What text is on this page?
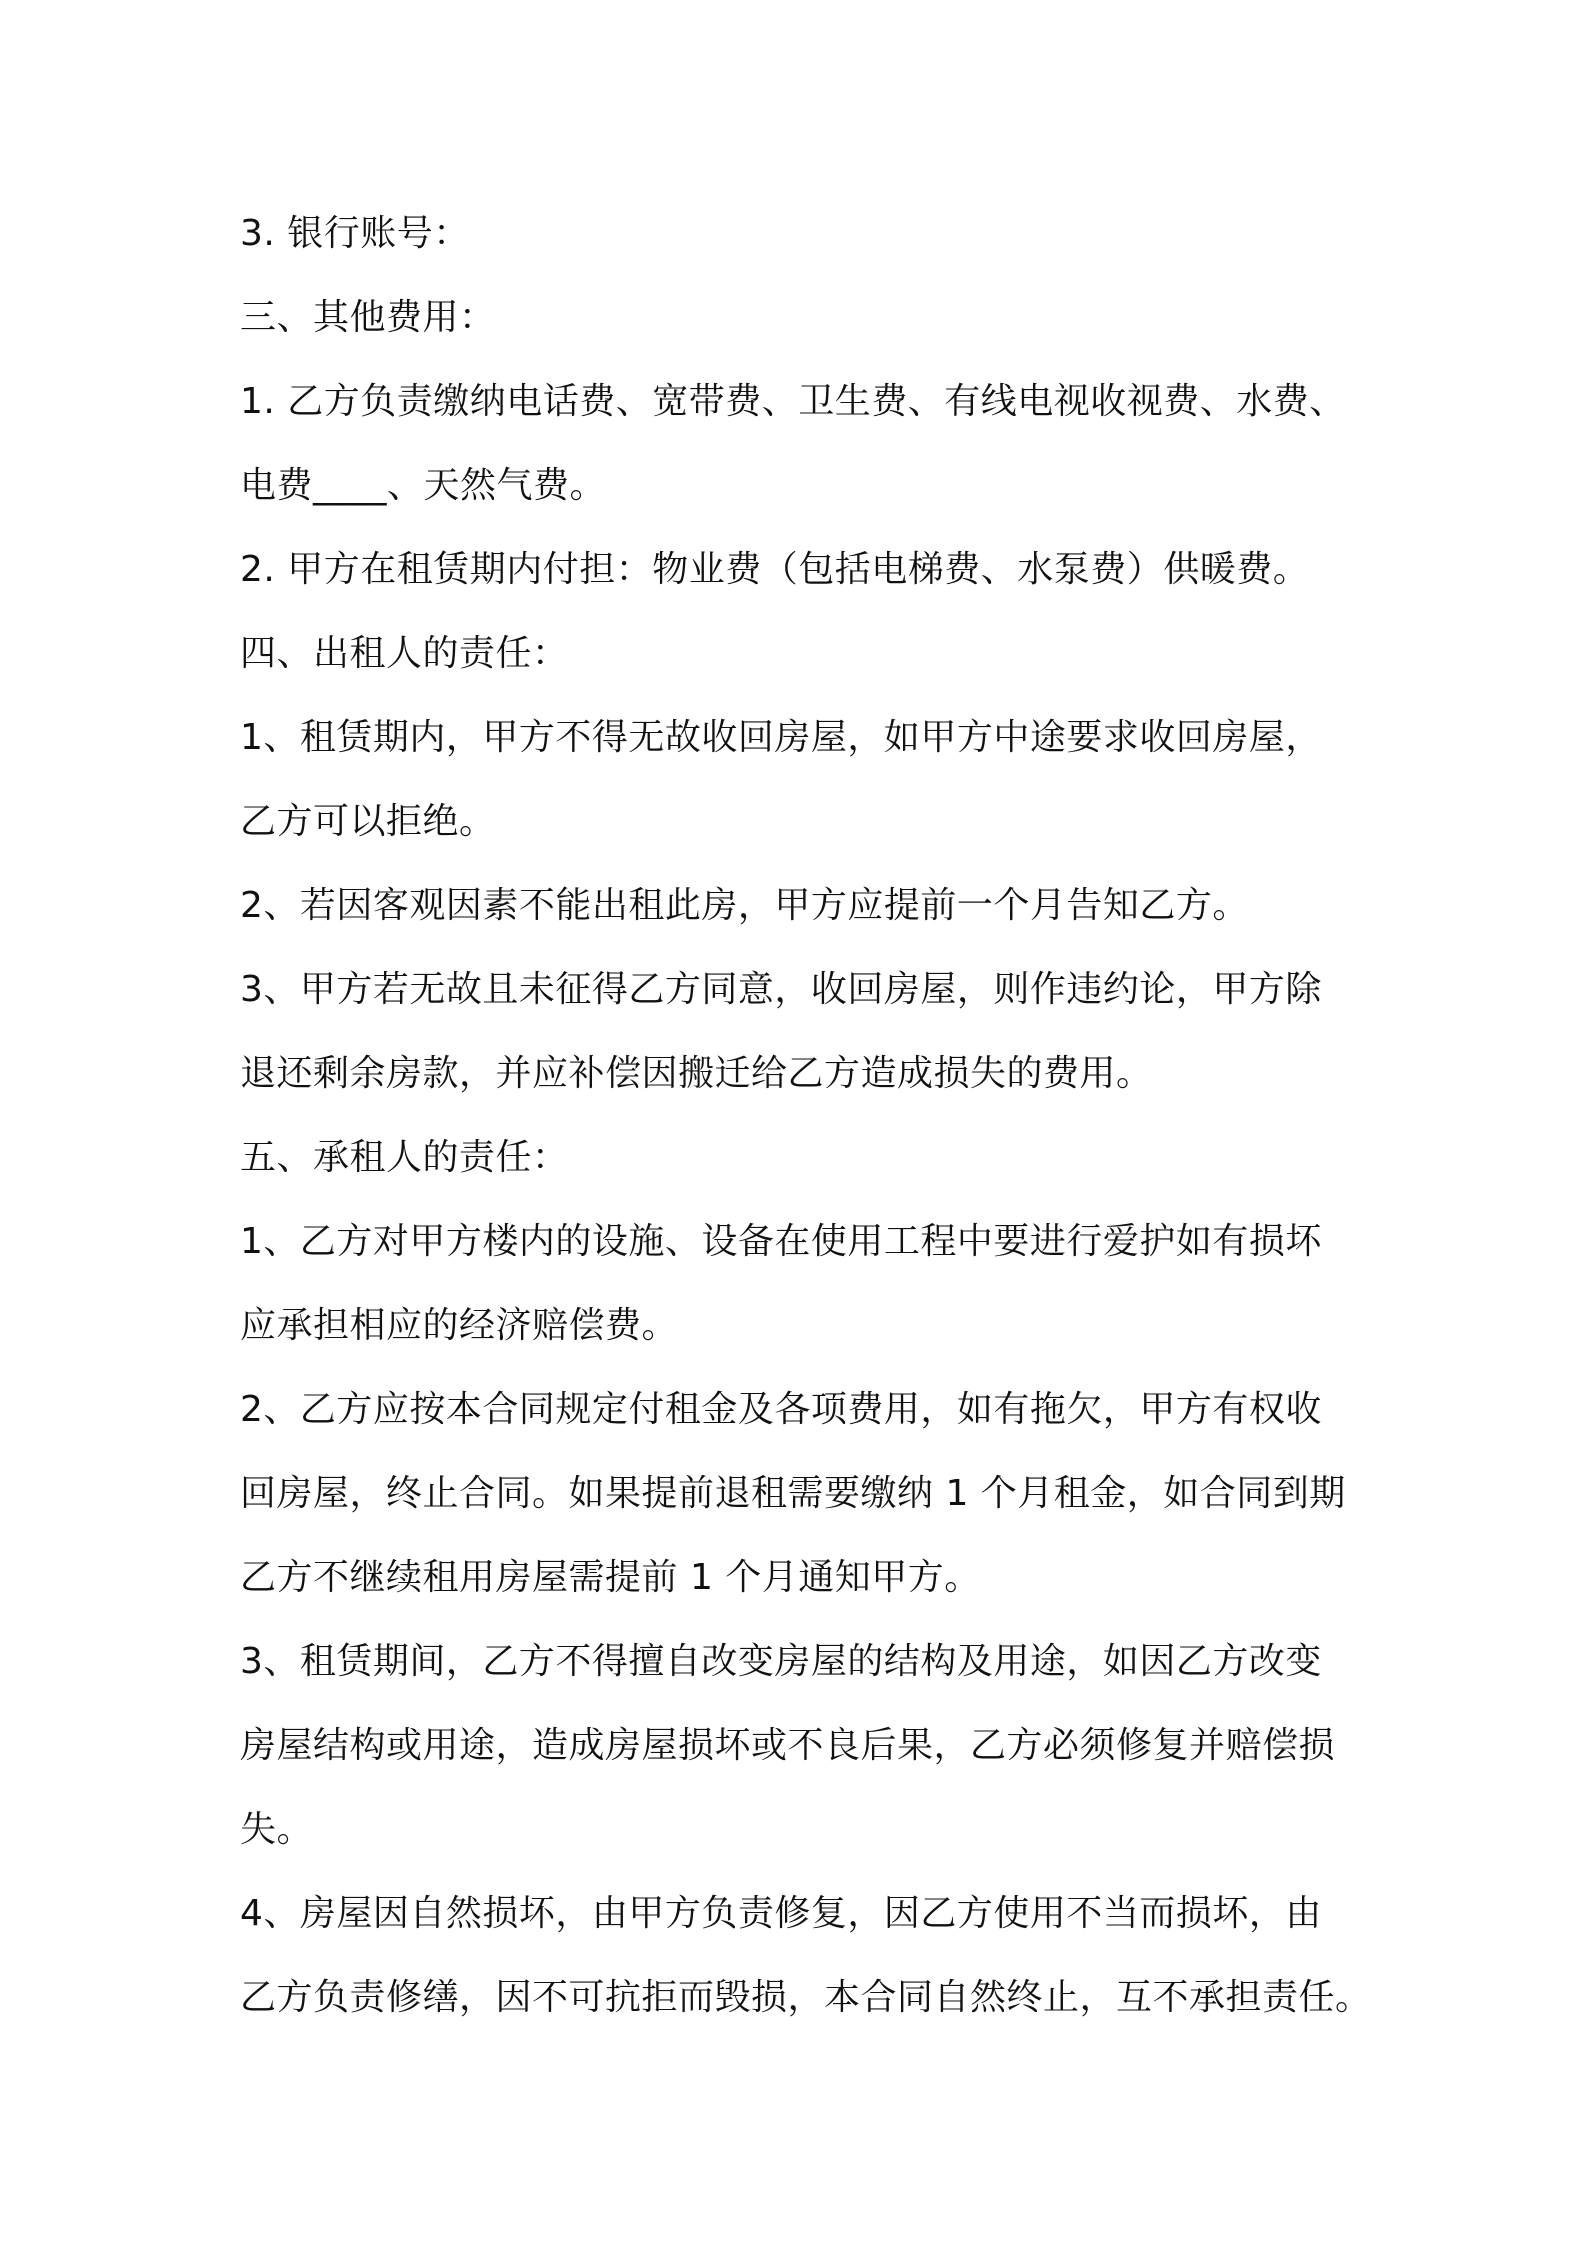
3. 银行账号：
三、其他费用：
1. 乙方负责缴纳电话费、宽带费、卫生费、有线电视收视费、水费、
电费____、天然气费。
2. 甲方在租赁期内付担：物业费（包括电梯费、水泵费）供暖费。
四、出租人的责任：
1、租赁期内，甲方不得无故收回房屋，如甲方中途要求收回房屋，
乙方可以拒绝。
2、若因客观因素不能出租此房，甲方应提前一个月告知乙方。
3、甲方若无故且未征得乙方同意，收回房屋，则作违约论，甲方除
退还剩余房款，并应补偿因搬迁给乙方造成损失的费用。
五、承租人的责任：
1、乙方对甲方楼内的设施、设备在使用工程中要进行爱护如有损坏
应承担相应的经济赔偿费。
2、乙方应按本合同规定付租金及各项费用，如有拖欠，甲方有权收
回房屋，终止合同。如果提前退租需要缴纳 1 个月租金，如合同到期
乙方不继续租用房屋需提前 1 个月通知甲方。
3、租赁期间，乙方不得擅自改变房屋的结构及用途，如因乙方改变
房屋结构或用途，造成房屋损坏或不良后果，乙方必须修复并赔偿损
失。
4、房屋因自然损坏，由甲方负责修复，因乙方使用不当而损坏，由
乙方负责修缮，因不可抗拒而毁损，本合同自然终止，互不承担责任。
